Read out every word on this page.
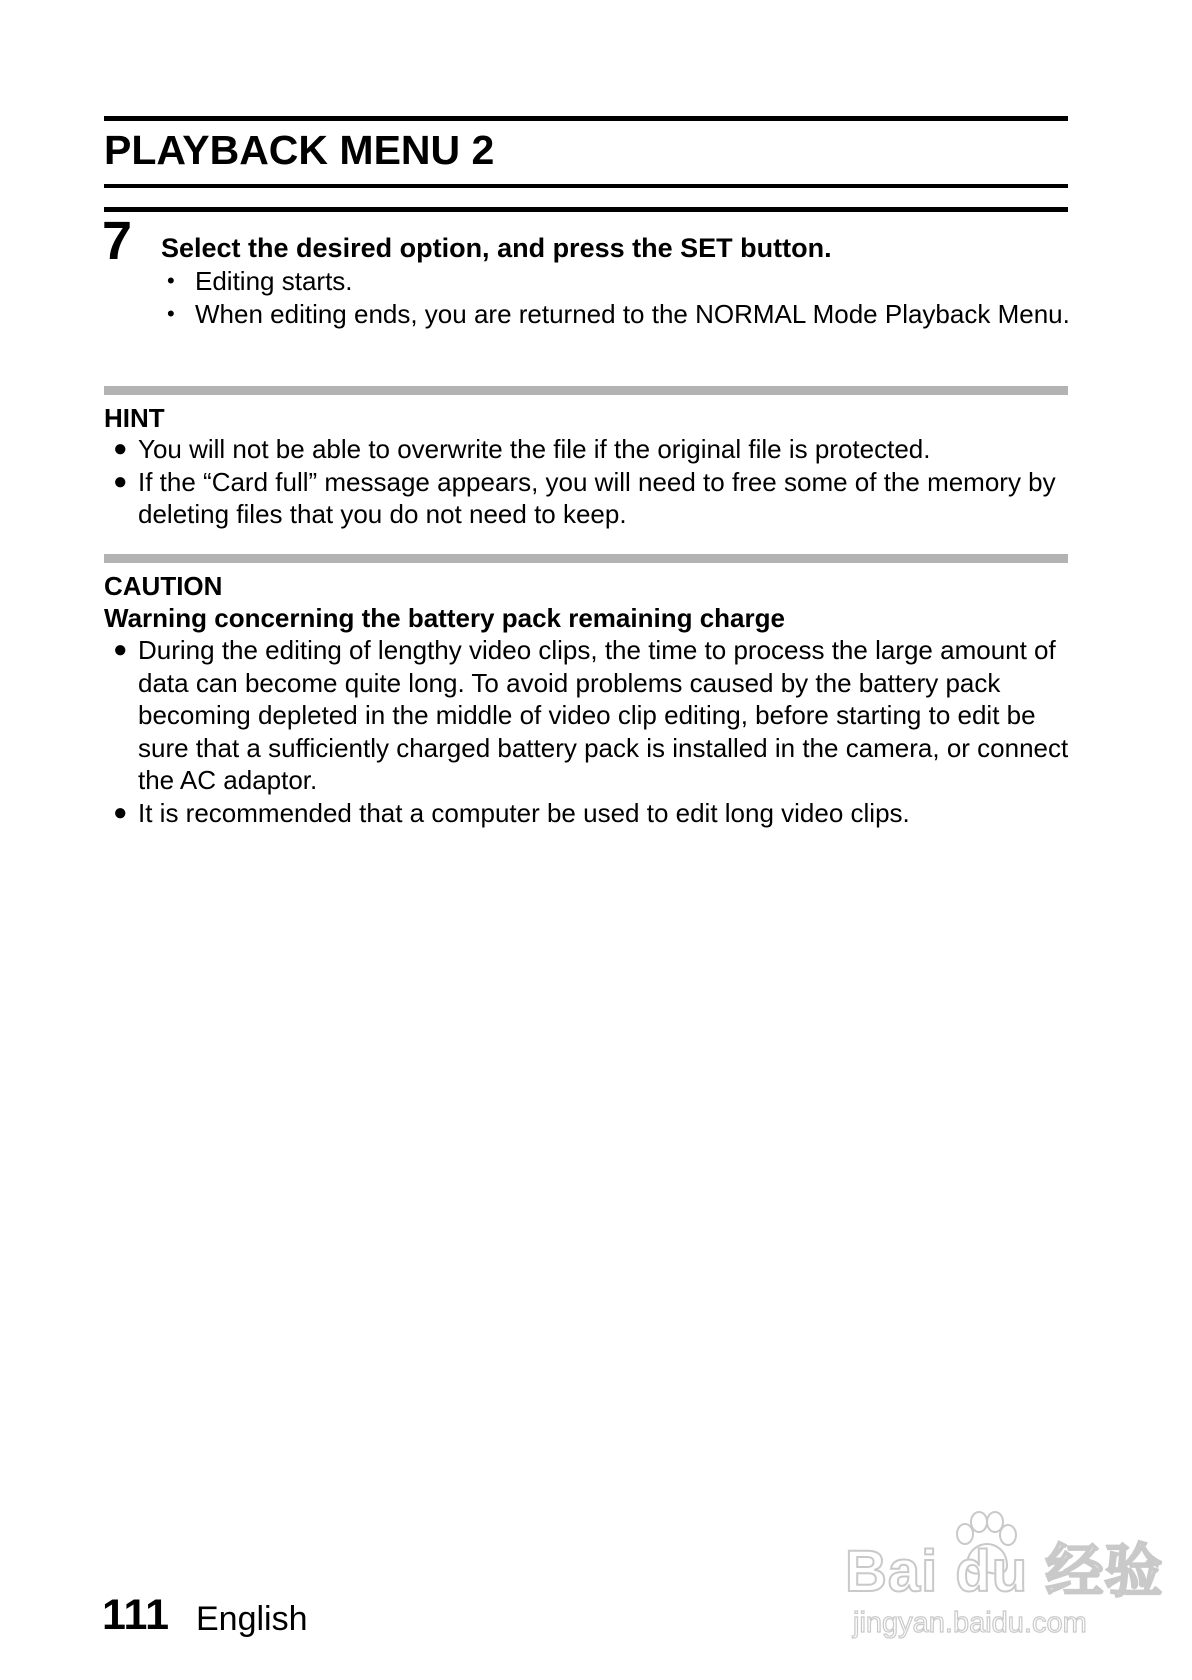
PLAYBACK MENU 2
7 Select the desired option, and press the SET button.
• Editing starts.
• When editing ends, you are returned to the NORMAL Mode Playback Menu.
HINT
● You will not be able to overwrite the file if the original file is protected.
● If the “Card full” message appears, you will need to free some of the memory by deleting files that you do not need to keep.
CAUTION
Warning concerning the battery pack remaining charge
● During the editing of lengthy video clips, the time to process the large amount of data can become quite long. To avoid problems caused by the battery pack becoming depleted in the middle of video clip editing, before starting to edit be sure that a sufficiently charged battery pack is installed in the camera, or connect the AC adaptor.
● It is recommended that a computer be used to edit long video clips.
111 English
Bai du 经验
jingyan.baidu.com
